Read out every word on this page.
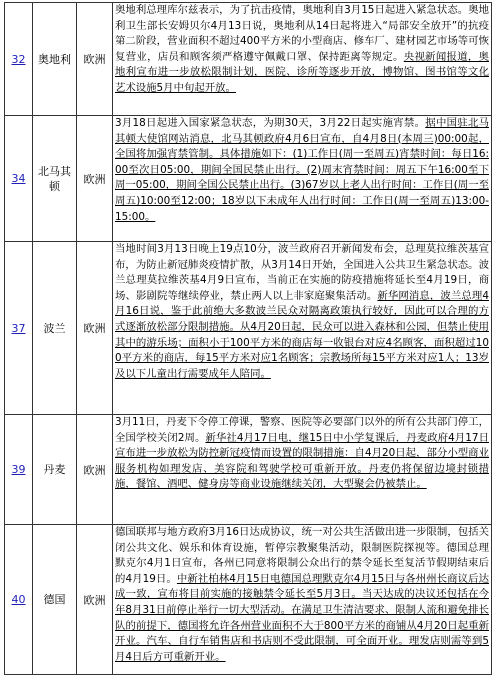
32	奥地利	欧洲	奥地利总理库尔兹表示，为了抗击疫情，奥地利自3月15日起进入紧急状态。奥地利卫生部长安姆贝尔4月13日说，奥地利从14日起将进入“局部安全放开”的抗疫第二阶段，营业面积不超过400平方米的小型商店、修车厂、建材园艺市场等可恢复营业，店员和顾客须严格遵守佩戴口罩、保持距离等规定。央视新闻报道，奥地利宣布进一步放松限制计划，医院、诊所等逐步开放，博物馆、图书馆等文化艺术设施5月中旬起开放。

34	北马其顿	欧洲	3月18日起进入国家紧急状态，为期30天，3月22日起实施宵禁。据中国驻北马其顿大使馆网站消息，北马其顿政府4月6日宣布，自4月8日(本周三)00:00起，全国将加强宵禁管制。具体措施如下：(1)工作日(周一至周五)宵禁时间：每日16:00至次日05:00，期间全国民禁止出行。(2)周末宵禁时间：周五下午16:00至下周一05:00，期间全国公民禁止出行。(3)67岁以上老人出行时间：工作日(周一至周五)10:00至12:00；18岁以下未成年人出行时间：工作日(周一至周五)13:00-15:00。

37	波兰	欧洲	当地时间3月13日晚上19点10分，波兰政府召开新闻发布会，总理莫拉维茨基宣布，为防止新冠肺炎疫情扩散，从3月14日开始，全国进入公共卫生紧急状态。波兰总理莫拉维茨基4月9日宣布，当前正在实施的防疫措施将延长至4月19日，商场、影剧院等继续停业，禁止两人以上非家庭聚集活动。新华网消息，波兰总理4月16日说，鉴于此前绝大多数波兰民众对隔离政策执行较好，因此可以合理的方式逐渐放松部分限制措施。从4月20日起，民众可以进入森林和公园，但禁止使用其中的游乐场；面积小于100平方米的商店每一收银台对应4名顾客，面积超过100平方米的商店，每15平方米对应1名顾客；宗教场所每15平方米对应1人；13岁及以下儿童出行需要成年人陪同。

39	丹麦	欧洲	3月11日，丹麦下令停工停课，警察、医院等必要部门以外的所有公共部门停工，全国学校关闭2周。新华社4月17日电，继15日中小学复课后，丹麦政府4月17日宣布进一步放松为防控新冠疫情而设置的限制措施：自4月20日起，部分小型商业服务机构如理发店、美容院和驾驶学校可重新开放。丹麦仍将保留边境封锁措施，餐馆、酒吧、健身房等商业设施继续关闭，大型聚会仍被禁止。

40	德国	欧洲	德国联邦与地方政府3月16日达成协议，统一对公共生活做出进一步限制，包括关闭公共文化、娱乐和体育设施，暂停宗教聚集活动，限制医院探视等。德国总理默克尔4月1日宣布，各州已同意将限制公众出行的禁令延长至复活节假期结束后的4月19日。中新社柏林4月15日电德国总理默克尔4月15日与各州州长商议后达成一致，宣布将目前实施的接触禁令延长至5月3日。当天达成的决议还包括在今年8月31日前停止举行一切大型活动。在满足卫生清洁要求、限制人流和避免排长队的前提下，德国将允许各州营业面积不大于800平方米的商铺从4月20日起重新开业。汽车、自行车销售店和书店则不受此限制，可全面开业。理发店则需等到5月4日后方可重新开业。
